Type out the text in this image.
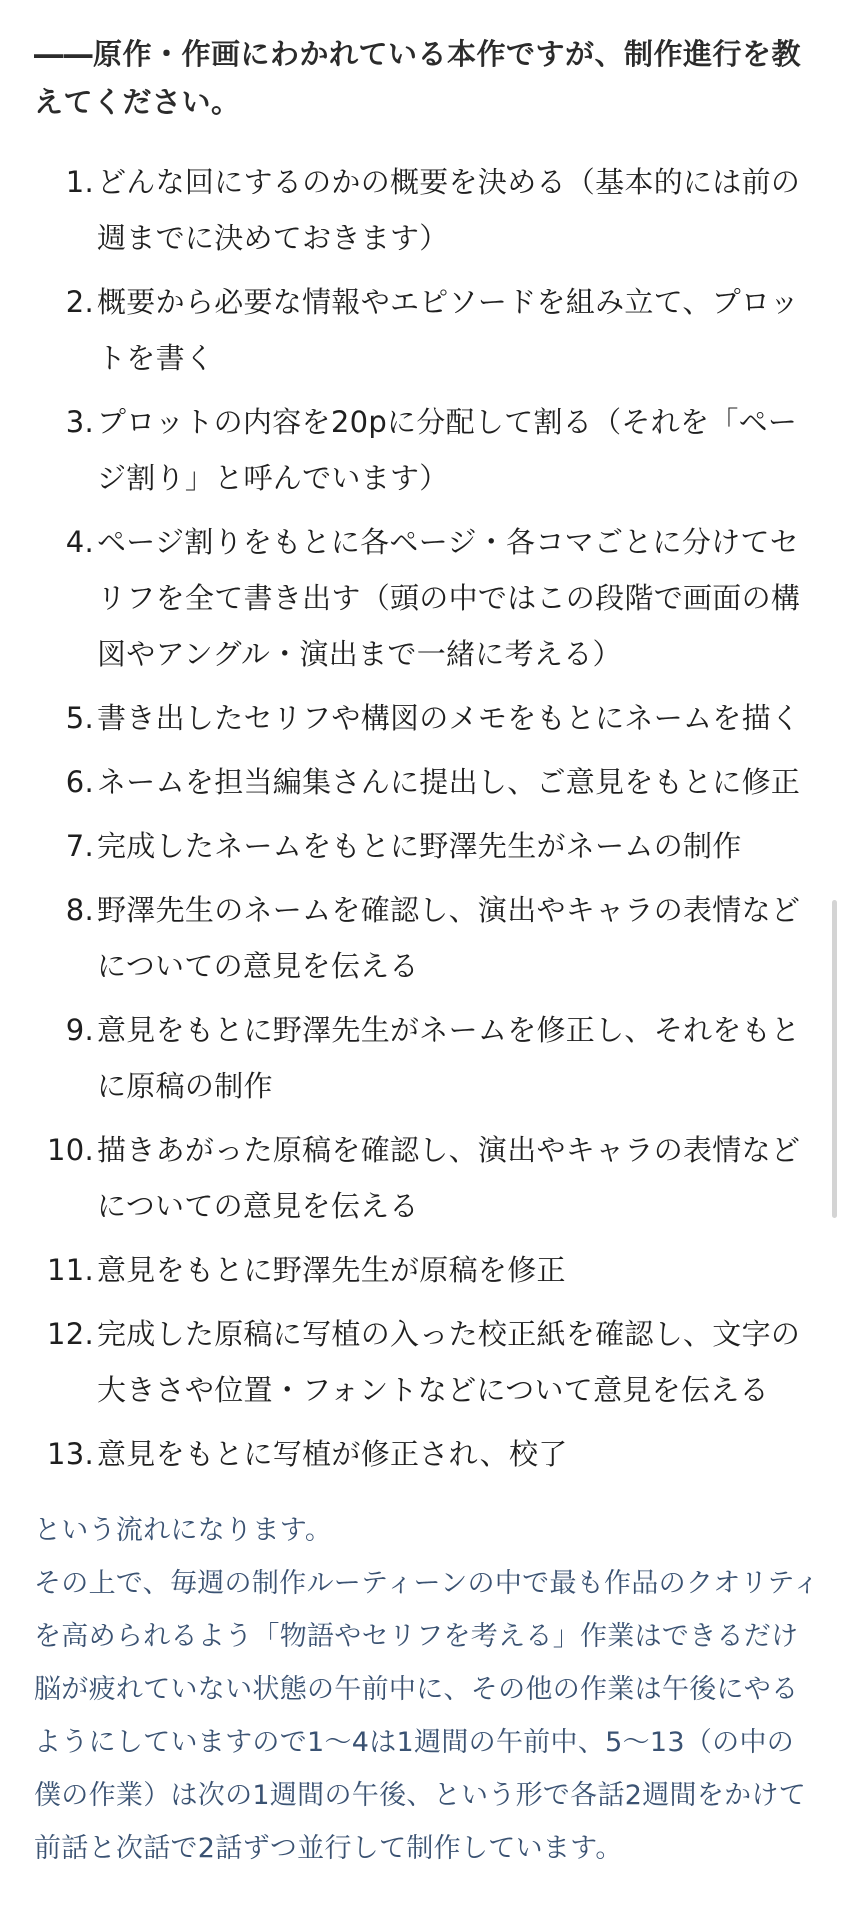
――原作・作画にわかれている本作ですが、制作進行を教えてください。
1. どんな回にするのかの概要を決める（基本的には前の週までに決めておきます）
2. 概要から必要な情報やエピソードを組み立て、プロットを書く
3. プロットの内容を20pに分配して割る（それを「ページ割り」と呼んでいます）
4. ページ割りをもとに各ページ・各コマごとに分けてセリフを全て書き出す（頭の中ではこの段階で画面の構図やアングル・演出まで一緒に考える）
5. 書き出したセリフや構図のメモをもとにネームを描く
6. ネームを担当編集さんに提出し、ご意見をもとに修正
7. 完成したネームをもとに野澤先生がネームの制作
8. 野澤先生のネームを確認し、演出やキャラの表情などについての意見を伝える
9. 意見をもとに野澤先生がネームを修正し、それをもとに原稿の制作
10. 描きあがった原稿を確認し、演出やキャラの表情などについての意見を伝える
11. 意見をもとに野澤先生が原稿を修正
12. 完成した原稿に写植の入った校正紙を確認し、文字の大きさや位置・フォントなどについて意見を伝える
13. 意見をもとに写植が修正され、校了

という流れになります。

その上で、毎週の制作ルーティーンの中で最も作品のクオリティを高められるよう「物語やセリフを考える」作業はできるだけ脳が疲れていない状態の午前中に、その他の作業は午後にやるようにしていますので1〜4は1週間の午前中、5〜13（の中の僕の作業）は次の1週間の午後、という形で各話2週間をかけて前話と次話で2話ずつ並行して制作しています。
